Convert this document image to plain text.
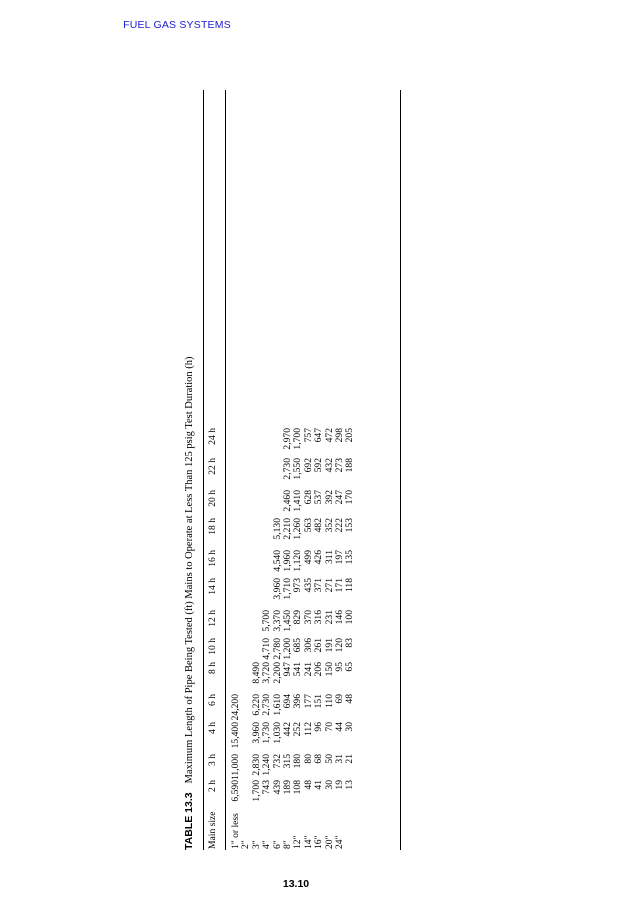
FUEL GAS SYSTEMS
TABLE 13.3Maximum Length of Pipe Being Tested (ft) Mains to Operate at Less Than 125 psig Test Duration (h)
Main size
2 h
3 h
4 h
6 h
8 h
10 h
12 h
14 h
16 h
18 h
20 h
22 h
24 h
1" or less
6,590
11,000
15,400
24,200
2" 3"
1,700
2,830
3,960
6,220
8,490
4"
743
1,240
1,730
2,730
3,720
4,710
5,700
6"
439
732
1,030
1,610
2,200
2,780
3,370
3,960
4,540
5,130
8"
189
315
442
694
947
1,200
1,450
1,710
1,960
2,210
2,460
2,730
2,970
12"
108
180
252
396
541
685
829
973
1,120
1,260
1,410
1,550
1,700
14"
48
80
112
177
241
306
370
435
499
563
628
692
757
16"
41
68
96
151
206
261
316
371
426
482
537
592
647
20"
30
50
70
110
150
191
231
271
311
352
392
432
472
24"
19
31
44
69
95
120
146
171
197
222
247
273
298
13
21
30
48
65
83
100
118
135
153
170
188
205
13.10
